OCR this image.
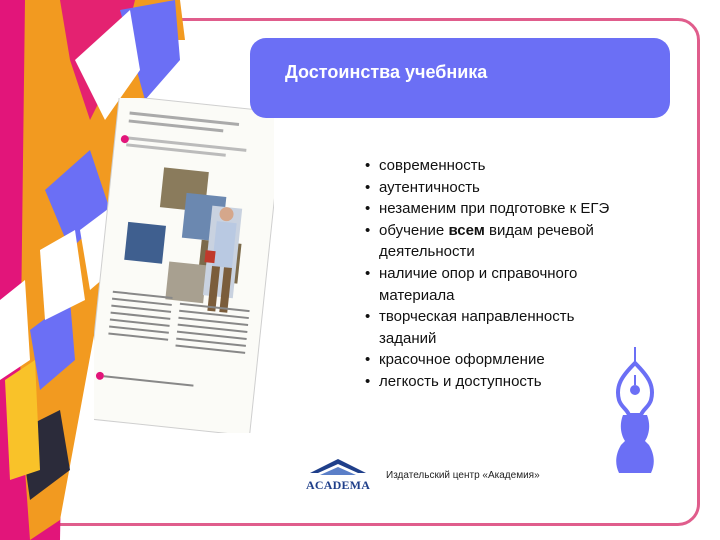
Достоинства учебника
• современность
• аутентичность
• незаменим при подготовке к ЕГЭ
• обучение всем видам речевой деятельности
• наличие опор и справочного материала
• творческая направленность заданий
• красочное оформление
• легкость и доступность
ACADEMA
Издательский центр «Академия»
